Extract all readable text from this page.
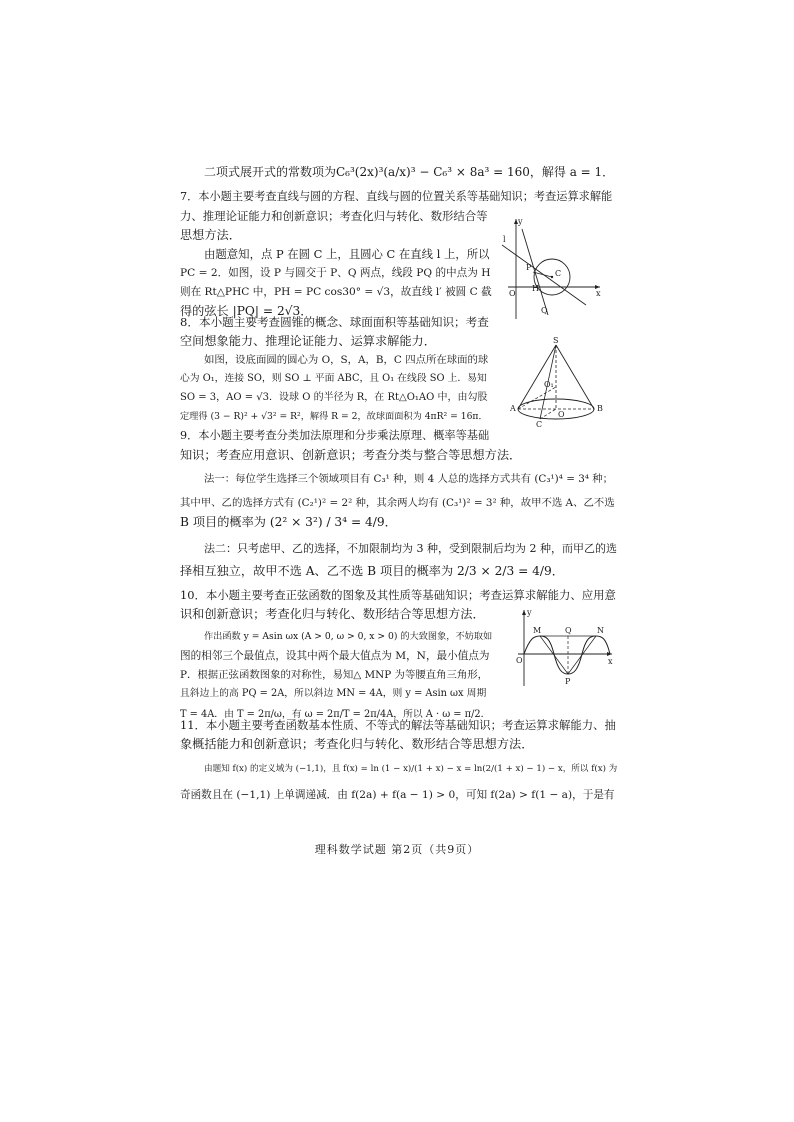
二项式展开式的常数项为C₆³(2x)³(a/x)³ − C₆³ × 8a³ = 160，解得 a = 1．
7．本小题主要考查直线与圆的方程、直线与圆的位置关系等基础知识；考查运算求解能
力、推理论证能力和创新意识；考查化归与转化、数形结合等
思想方法．
由题意知，点 P 在圆 C 上，且圆心 C 在直线 l 上，所以
PC = 2．如图，设 P 与圆交于 P、Q 两点，线段 PQ 的中点为 H
则在 Rt△PHC 中，PH = PC cos30° = √3，故直线 l′ 被圆 C 截
得的弦长 |PQ| = 2√3．
y
x
O
P
Q
H
C
l
8．本小题主要考查圆锥的概念、球面面积等基础知识；考查
空间想象能力、推理论证能力、运算求解能力．
如图，设底面圆的圆心为 O，S，A，B，C 四点所在球面的球
心为 O₁，连接 SO，则 SO ⊥ 平面 ABC，且 O₁ 在线段 SO 上．易知
SO = 3，AO = √3．设球 O 的半径为 R，在 Rt△O₁AO 中，由勾股
定理得 (3 − R)² + √3² = R²，解得 R = 2，故球面面积为 4πR² = 16π．
S
A	B
C
O
O₁
9．本小题主要考查分类加法原理和分步乘法原理、概率等基础
知识；考查应用意识、创新意识；考查分类与整合等思想方法．
法一：每位学生选择三个领域项目有 C₃¹ 种，则 4 人总的选择方式共有 (C₃¹)⁴ = 3⁴ 种；
其中甲、乙的选择方式有 (C₂¹)² = 2² 种，其余两人均有 (C₃¹)² = 3² 种，故甲不选 A、乙不选
B 项目的概率为 (2² × 3²) / 3⁴ = 4/9．
法二：只考虑甲、乙的选择，不加限制均为 3 种，受到限制后均为 2 种，而甲乙的选
择相互独立，故甲不选 A、乙不选 B 项目的概率为 2/3 × 2/3 = 4/9．
10．本小题主要考查正弦函数的图象及其性质等基础知识；考查运算求解能力、应用意
识和创新意识；考查化归与转化、数形结合等思想方法．
作出函数 y = Asin ωx (A > 0, ω > 0, x > 0) 的大致图象，不妨取如
图的相邻三个最值点，设其中两个最大值点为 M，N，最小值点为
P．根据正弦函数图象的对称性，易知△ MNP 为等腰直角三角形，
且斜边上的高 PQ = 2A，所以斜边 MN = 4A，则 y = Asin ωx 周期
T = 4A．由 T = 2π/ω，有 ω = 2π/T = 2π/4A，所以 A · ω = π/2．
y
x
O
M	Q	N
P
11．本小题主要考查函数基本性质、不等式的解法等基础知识；考查运算求解能力、抽
象概括能力和创新意识；考查化归与转化、数形结合等思想方法．
由题知 f(x) 的定义域为 (−1,1)，且 f(x) = ln (1 − x)/(1 + x) − x = ln(2/(1 + x) − 1) − x，所以 f(x) 为
奇函数且在 (−1,1) 上单调递减．由 f(2a) + f(a − 1) > 0，可知 f(2a) > f(1 − a)，于是有
理科数学试题 第2页（共9页）
